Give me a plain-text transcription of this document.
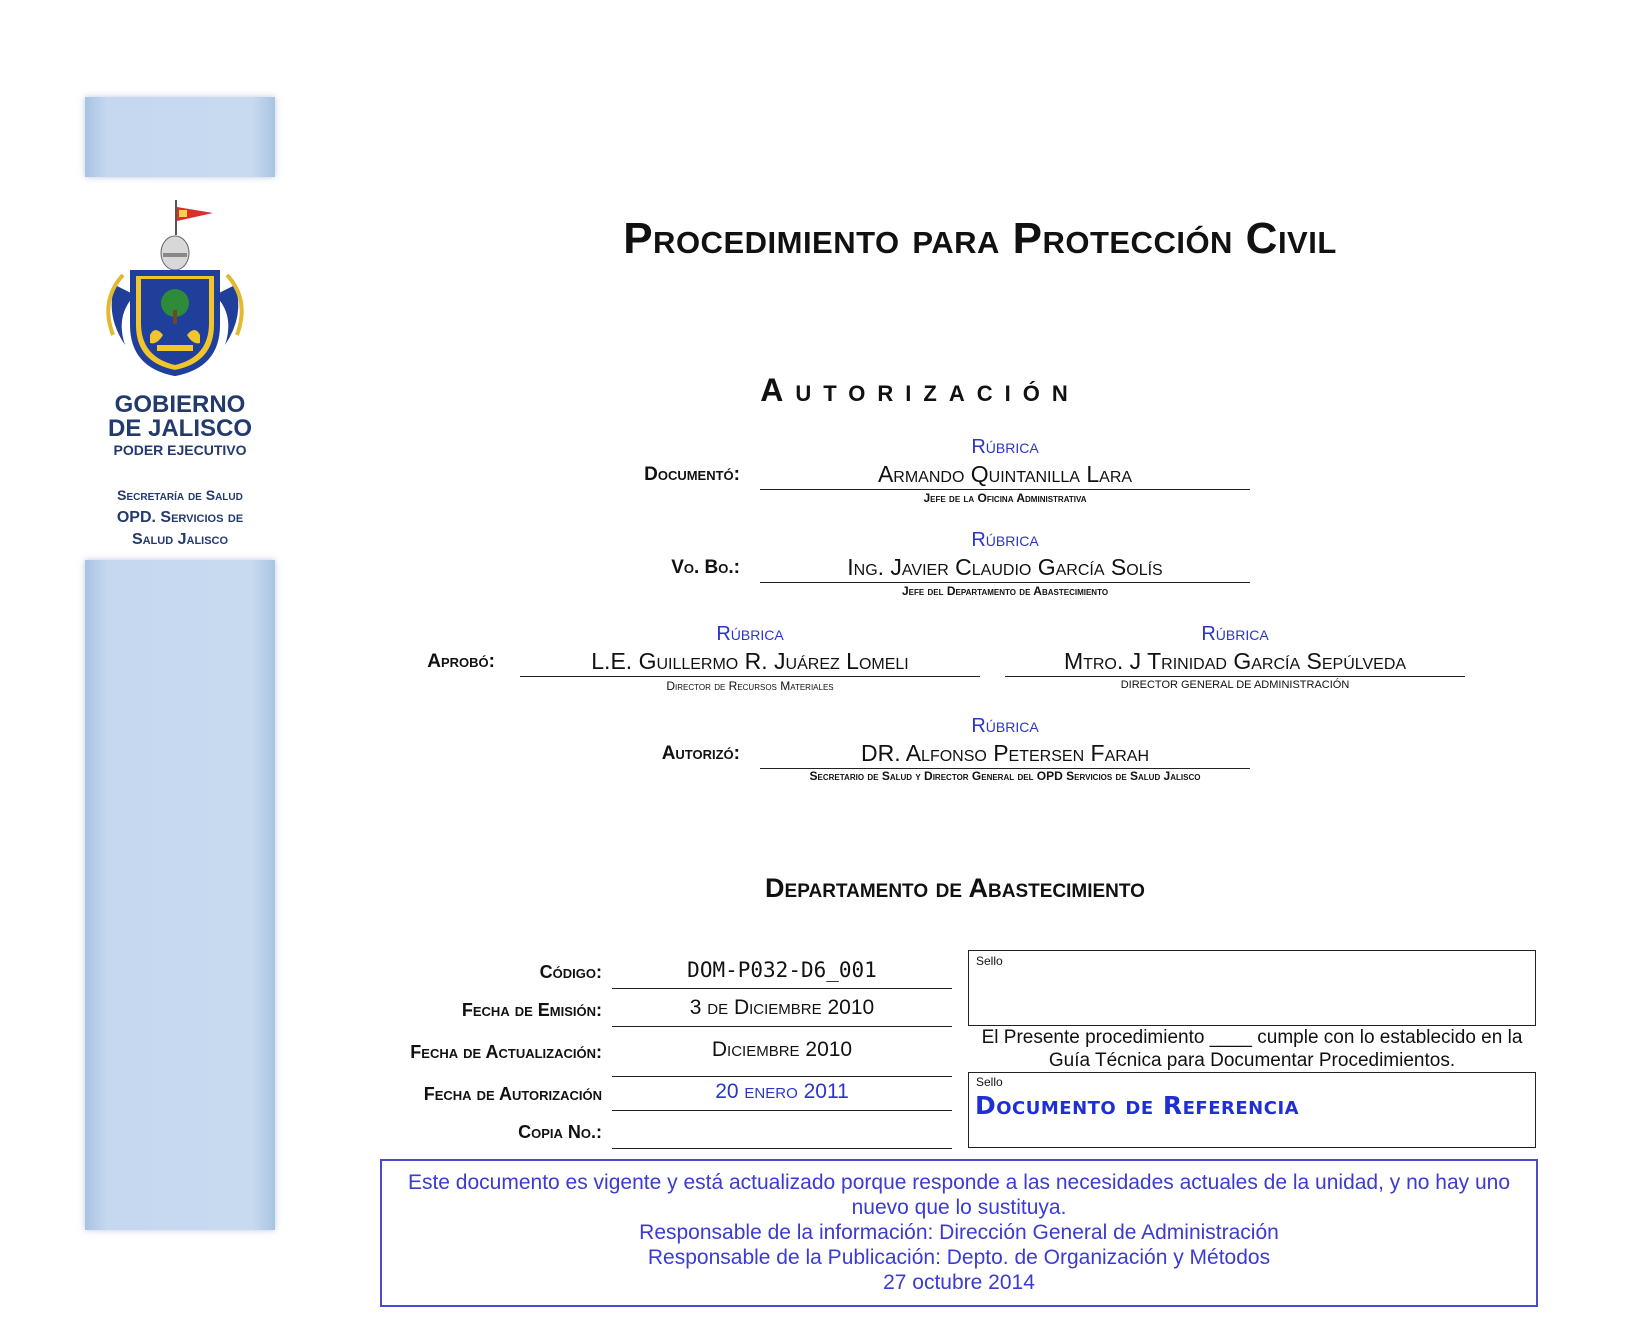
GOBIERNO
DE JALISCO
PODER EJECUTIVO
Secretaría de Salud
OPD. Servicios de
Salud Jalisco
Procedimiento para Protección Civil
Autorización
Documentó:
Rúbrica
Armando Quintanilla Lara
Jefe de la Oficina Administrativa
Vo. Bo.:
Rúbrica
Ing. Javier Claudio García Solís
Jefe del Departamento de Abastecimiento
Aprobó:
Rúbrica
L.E. Guillermo R. Juárez Lomeli
Director de Recursos Materiales
Rúbrica
Mtro. J Trinidad García Sepúlveda
DIRECTOR GENERAL DE ADMINISTRACIÓN
Autorizó:
Rúbrica
DR. Alfonso Petersen Farah
Secretario de Salud y Director General del OPD Servicios de Salud Jalisco
Departamento de Abastecimiento
Código:	DOM-P032-D6_001
Fecha de Emisión:	3 de Diciembre 2010
Fecha de Actualización:	Diciembre 2010
Fecha de Autorización	20 enero 2011
Copia No.:
Sello
El Presente procedimiento ____ cumple con lo establecido en la
Guía Técnica para Documentar Procedimientos.
Sello
Documento de Referencia
Este documento es vigente y está actualizado porque responde a las necesidades actuales de la unidad, y no hay uno
nuevo que lo sustituya.
Responsable de la información: Dirección General de Administración
Responsable de la Publicación: Depto. de Organización y Métodos
27 octubre 2014
